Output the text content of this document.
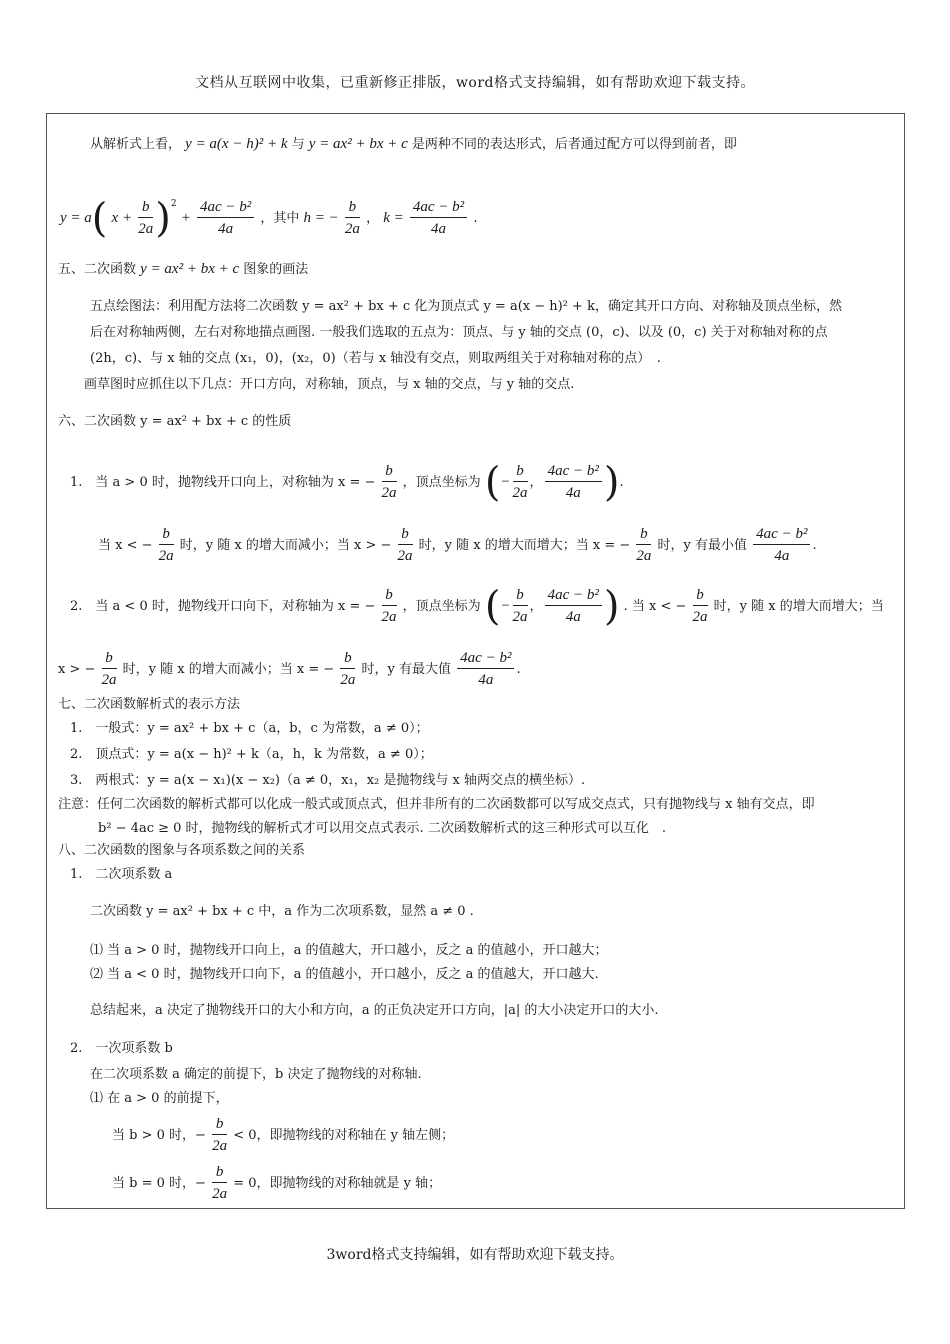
文档从互联网中收集，已重新修正排版，word格式支持编辑，如有帮助欢迎下载支持。
从解析式上看， y = a(x − h)² + k 与 y = ax² + bx + c 是两种不同的表达形式，后者通过配方可以得到前者，即
y = a( $x + \frac{b}{2a} )^2 + \frac{\text{4ac − b²}}{4a}$ ，其中 h = − $\frac{b}{2a}$ ， $k = \frac{\text{4ac − b²}}{4a}$ .
五、二次函数 y = ax² + bx + c 图象的画法
五点绘图法：利用配方法将二次函数 y = ax² + bx + c 化为顶点式 y = a(x − h)² + k，确定其开口方向、对称轴及顶点坐标，然
后在对称轴两侧，左右对称地描点画图. 一般我们选取的五点为：顶点、与 y 轴的交点 (0，c)、以及 (0，c) 关于对称轴对称的点
(2h，c)、与 x 轴的交点 (x₁，0)，(x₂，0)（若与 x 轴没有交点，则取两组关于对称轴对称的点）　.
画草图时应抓住以下几点：开口方向，对称轴，顶点，与 x 轴的交点，与 y 轴的交点.
六、二次函数 y = ax² + bx + c 的性质
1.　当 a > 0 时，抛物线开口向上，对称轴为 x = − $\frac{b}{2a}$ ，顶点坐标为 (− $\frac{b}{2a}$ ， $\frac{\text{4ac − b²}}{4a}$ ).
当 x < − $\frac{b}{2a}$ 时，y 随 x 的增大而减小；当 x > − $\frac{b}{2a}$ 时，y 随 x 的增大而增大；当 x = − $\frac{b}{2a}$ 时，y 有最小值 $\frac{\text{4ac − b²}}{4a}$ .
2.　当 a < 0 时，抛物线开口向下，对称轴为 x = − $\frac{b}{2a}$ ，顶点坐标为 (− $\frac{b}{2a}$ ， $\frac{\text{4ac − b²}}{4a}$ ) . 当 x < − $\frac{b}{2a}$ 时，y 随 x 的增大而增大；当
x > − $\frac{b}{2a}$ 时，y 随 x 的增大而减小；当 x = − $\frac{b}{2a}$ 时，y 有最大值 $\frac{\text{4ac − b²}}{4a}$ .
七、二次函数解析式的表示方法
1.　一般式：y = ax² + bx + c（a，b，c 为常数，a ≠ 0）；
2.　顶点式：y = a(x − h)² + k（a，h，k 为常数，a ≠ 0）；
3.　两根式：y = a(x − x₁)(x − x₂)（a ≠ 0，x₁，x₂ 是抛物线与 x 轴两交点的横坐标）.
注意：任何二次函数的解析式都可以化成一般式或顶点式，但并非所有的二次函数都可以写成交点式，只有抛物线与 x 轴有交点，即
b² − 4ac ≥ 0 时，抛物线的解析式才可以用交点式表示. 二次函数解析式的这三种形式可以互化　.
八、二次函数的图象与各项系数之间的关系
1.　二次项系数 a
二次函数 y = ax² + bx + c 中，a 作为二次项系数，显然 a ≠ 0 .
⑴ 当 a > 0 时，抛物线开口向上，a 的值越大，开口越小，反之 a 的值越小，开口越大；
⑵ 当 a < 0 时，抛物线开口向下，a 的值越小，开口越小，反之 a 的值越大，开口越大.
总结起来，a 决定了抛物线开口的大小和方向，a 的正负决定开口方向，|a| 的大小决定开口的大小.
2.　一次项系数 b
在二次项系数 a 确定的前提下，b 决定了抛物线的对称轴.
⑴ 在 a > 0 的前提下，
当 b > 0 时，− $\frac{b}{2a} < 0$，即抛物线的对称轴在 y 轴左侧；
当 b = 0 时，− $\frac{b}{2a} = 0$，即抛物线的对称轴就是 y 轴；
3word格式支持编辑，如有帮助欢迎下载支持。
